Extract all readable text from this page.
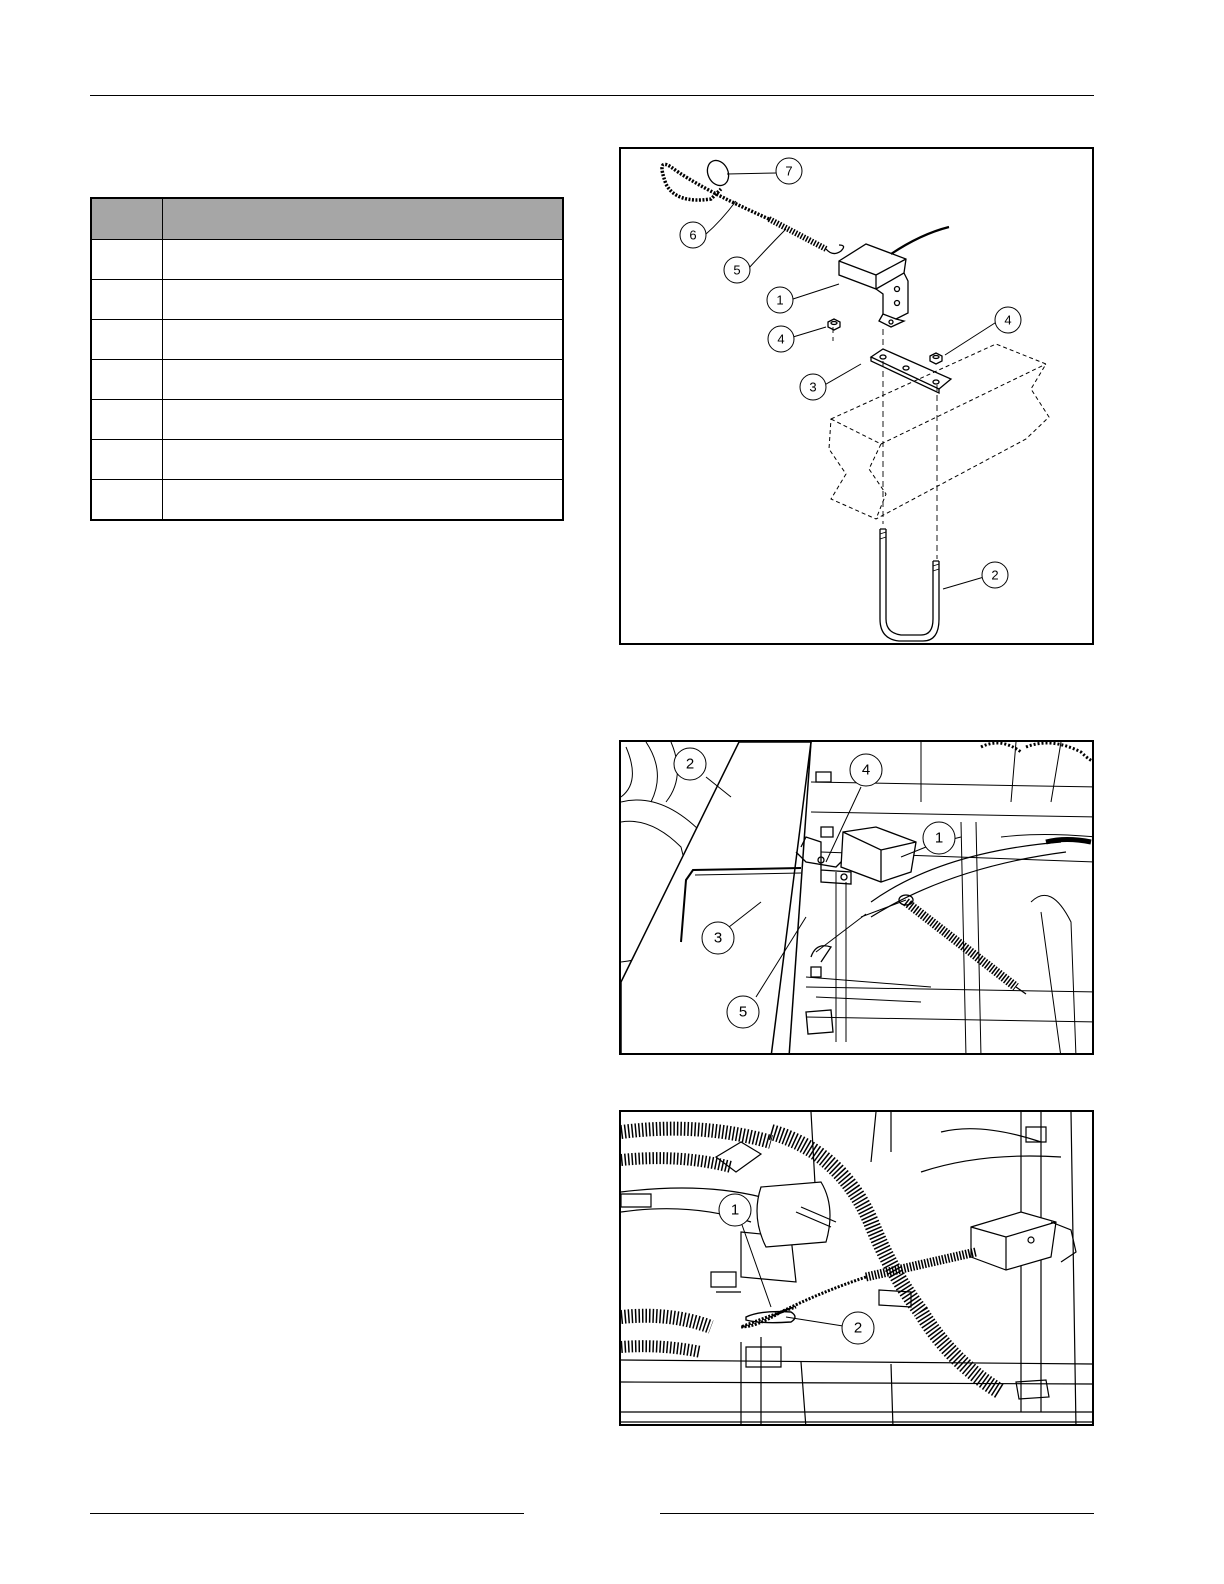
7
6
5
1
4
4
3
2
2	4
1
3
5
1
2
